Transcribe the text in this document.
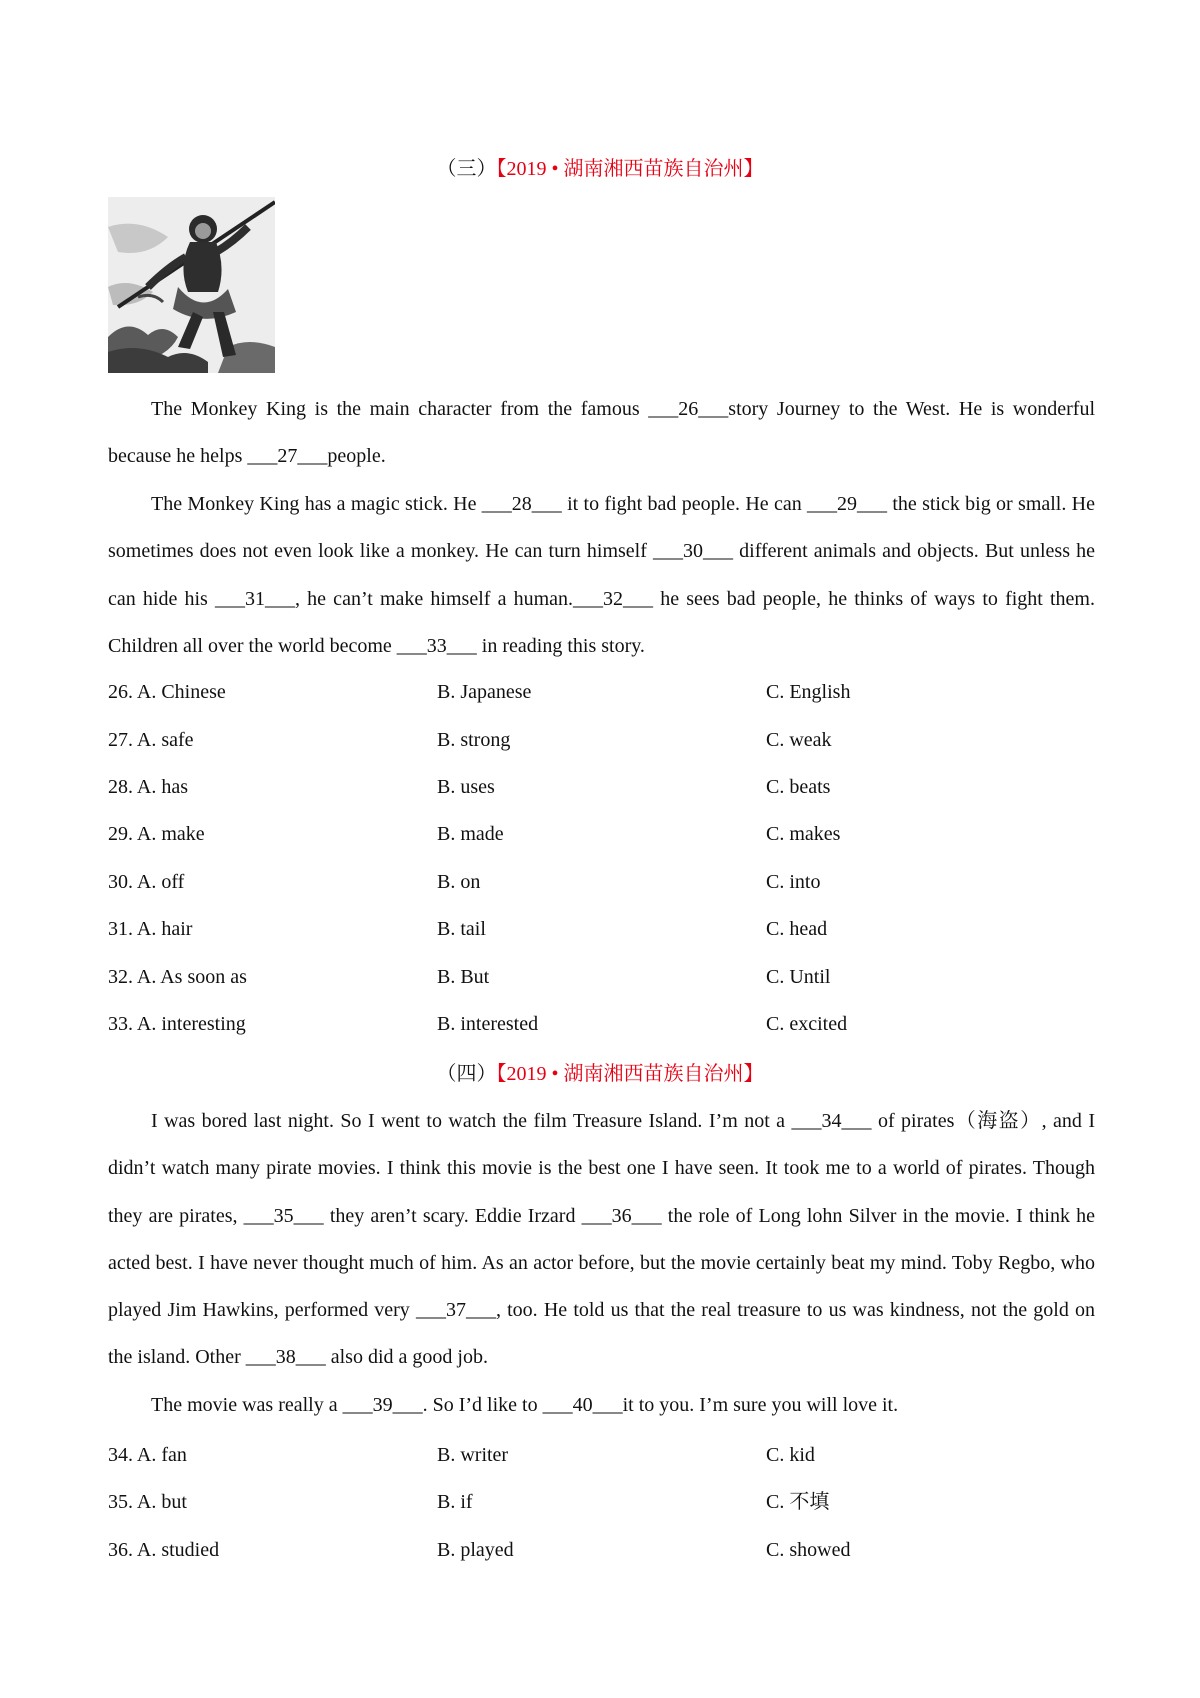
（三）【2019 • 湖南湘西苗族自治州】

The Monkey King is the main character from the famous ___26___story Journey to the West. He is wonderful because he helps ___27___people.

The Monkey King has a magic stick. He ___28___ it to fight bad people. He can ___29___ the stick big or small. He sometimes does not even look like a monkey. He can turn himself ___30___ different animals and objects. But unless he can hide his ___31___, he can’t make himself a human.___32___ he sees bad people, he thinks of ways to fight them. Children all over the world become ___33___ in reading this story.

26. A. Chinese	B. Japanese	C. English
27. A. safe	B. strong	C. weak
28. A. has	B. uses	C. beats
29. A. make	B. made	C. makes
30. A. off	B. on	C. into
31. A. hair	B. tail	C. head
32. A. As soon as	B. But	C. Until
33. A. interesting	B. interested	C. excited
（四）【2019 • 湖南湘西苗族自治州】

I was bored last night. So I went to watch the film Treasure Island. I’m not a ___34___ of pirates（海盗）, and I didn’t watch many pirate movies. I think this movie is the best one I have seen. It took me to a world of pirates. Though they are pirates, ___35___ they aren’t scary. Eddie Irzard ___36___ the role of Long lohn Silver in the movie. I think he acted best. I have never thought much of him. As an actor before, but the movie certainly beat my mind. Toby Regbo, who played Jim Hawkins, performed very ___37___, too. He told us that the real treasure to us was kindness, not the gold on the island. Other ___38___ also did a good job.

The movie was really a ___39___. So I’d like to ___40___it to you. I’m sure you will love it.

34. A. fan	B. writer	C. kid
35. A. but	B. if	C. 不填
36. A. studied	B. played	C. showed
